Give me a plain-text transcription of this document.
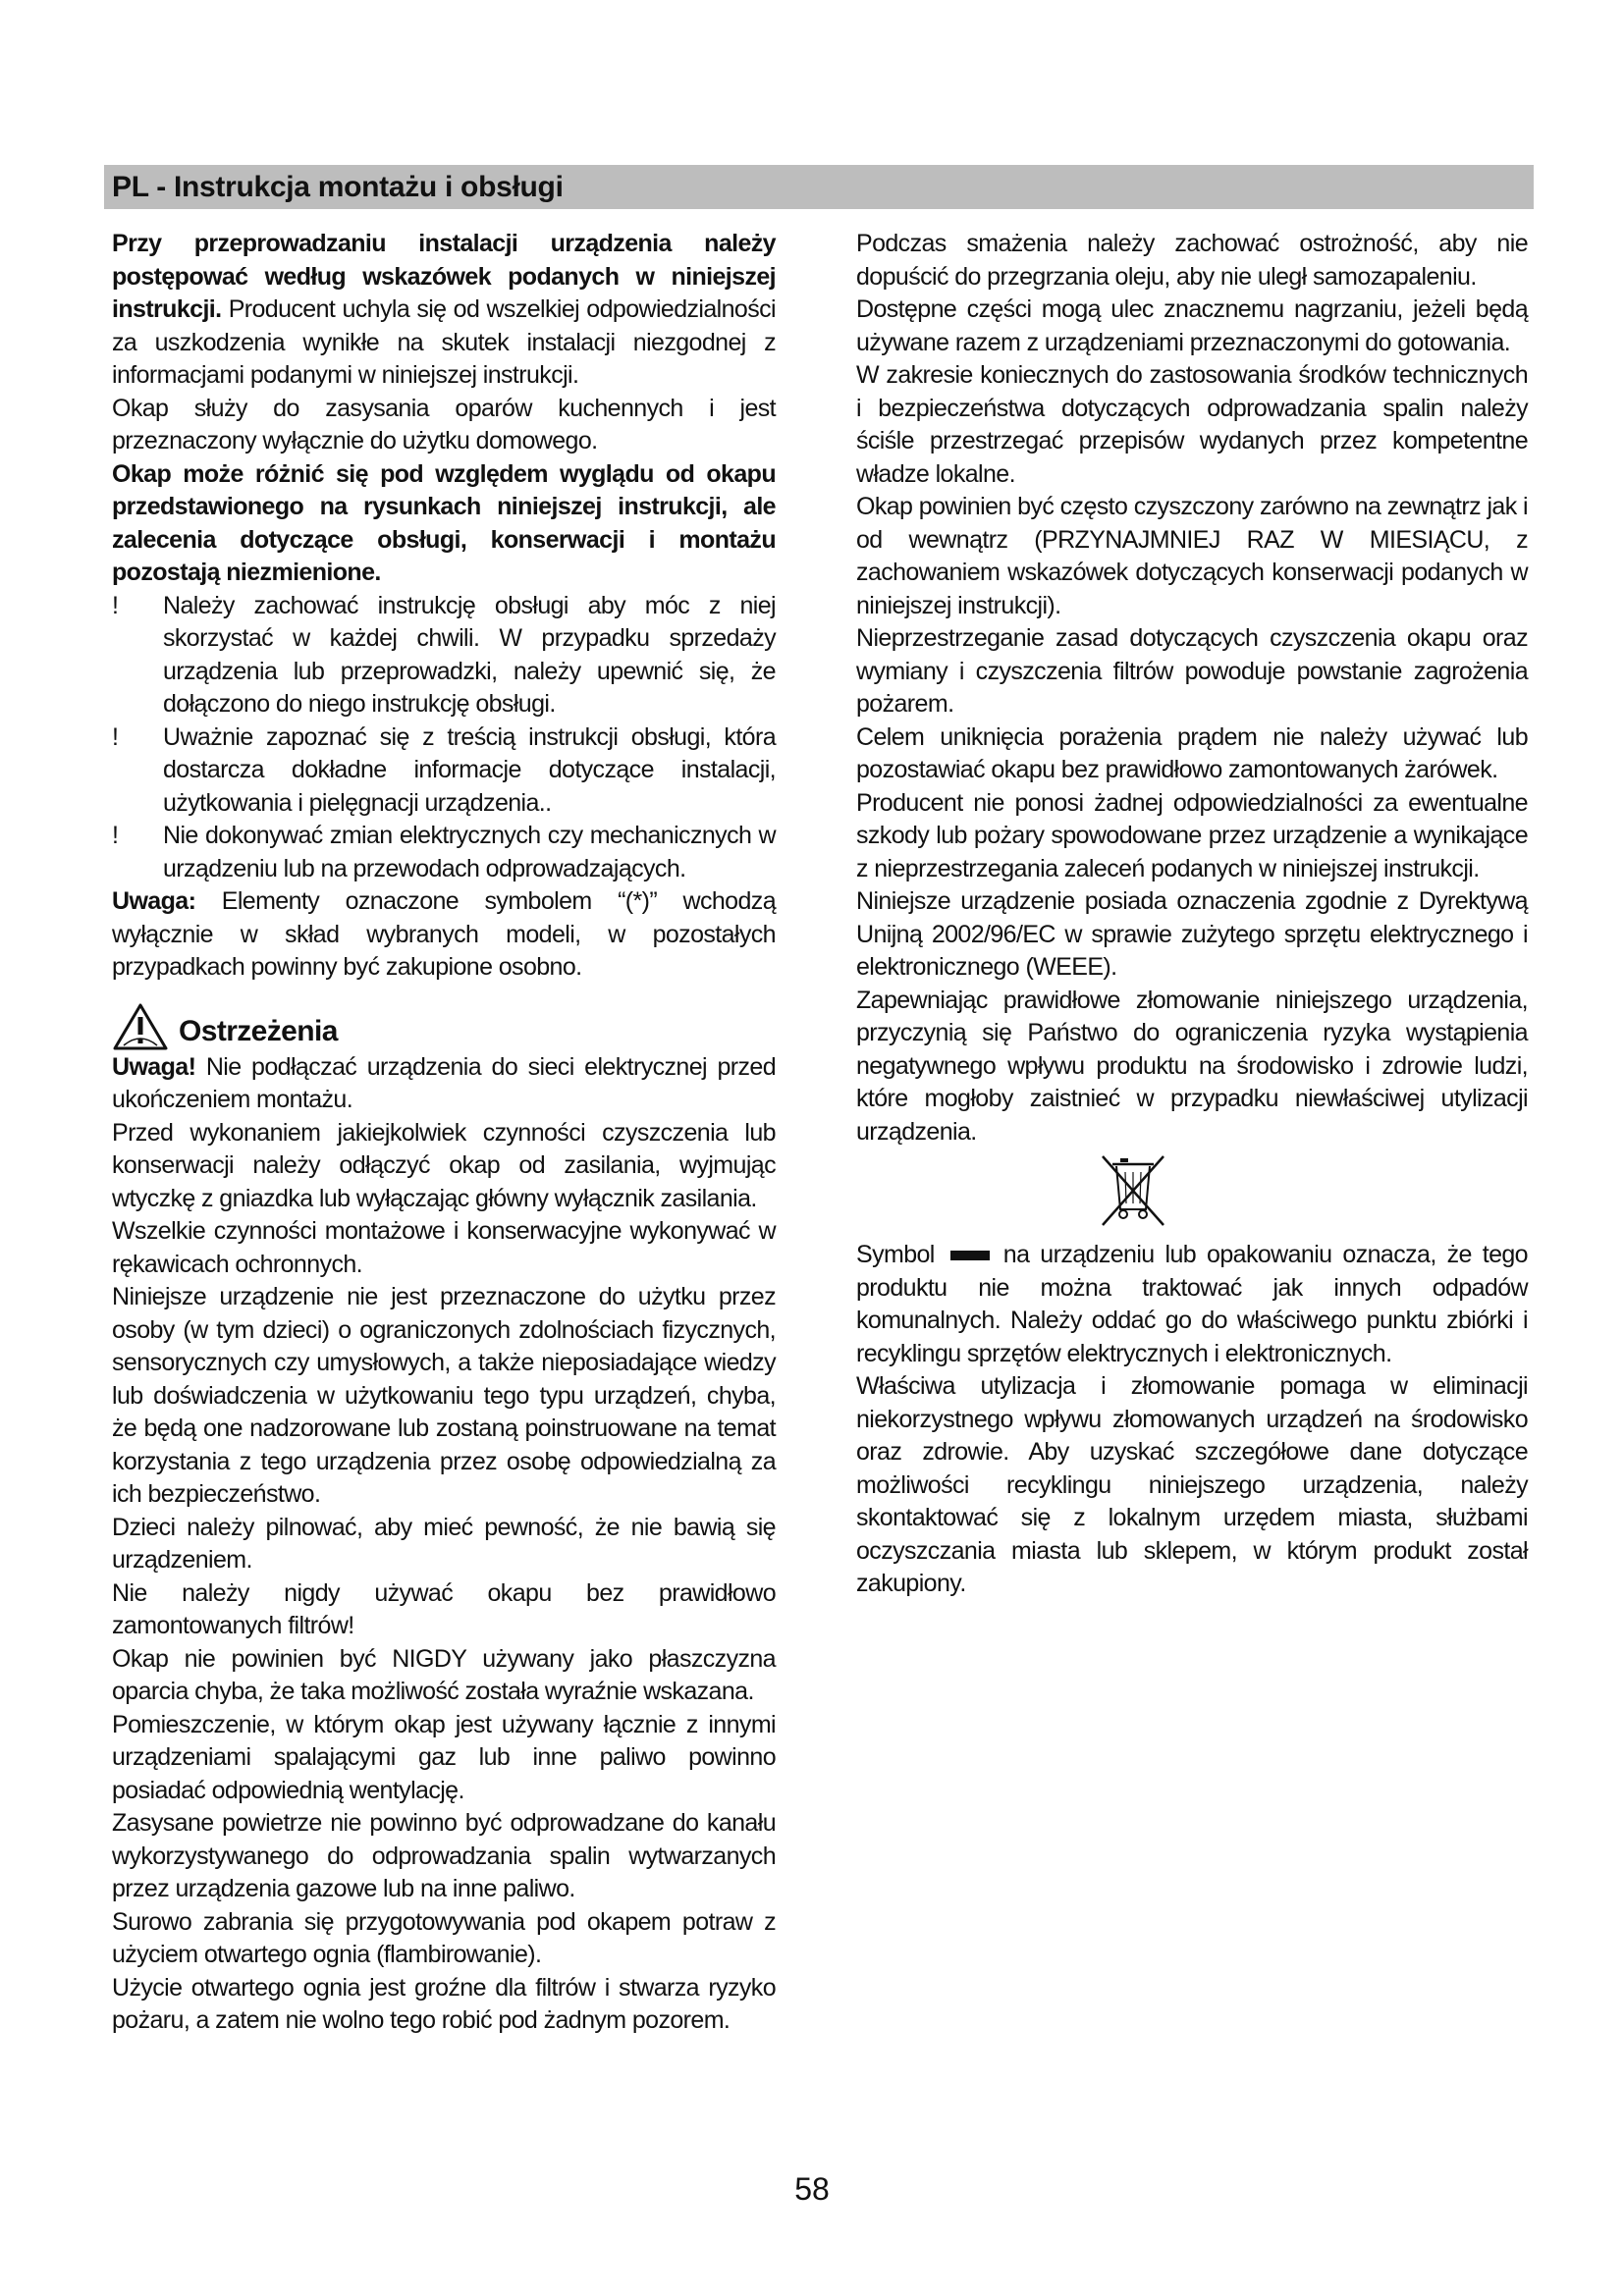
PL - Instrukcja montażu i obsługi

Przy przeprowadzaniu instalacji urządzenia należy postępować według wskazówek podanych w niniejszej instrukcji. Producent uchyla się od wszelkiej odpowiedzialności za uszkodzenia wynikłe na skutek instalacji niezgodnej z informacjami podanymi w niniejszej instrukcji.

Okap służy do zasysania oparów kuchennych i jest przeznaczony wyłącznie do użytku domowego.

Okap może różnić się pod względem wyglądu od okapu przedstawionego na rysunkach niniejszej instrukcji, ale zalecenia dotyczące obsługi, konserwacji i montażu pozostają niezmienione.

! Należy zachować instrukcję obsługi aby móc z niej skorzystać w każdej chwili. W przypadku sprzedaży urządzenia lub przeprowadzki, należy upewnić się, że dołączono do niego instrukcję obsługi.
! Uważnie zapoznać się z treścią instrukcji obsługi, która dostarcza dokładne informacje dotyczące instalacji, użytkowania i pielęgnacji urządzenia..
! Nie dokonywać zmian elektrycznych czy mechanicznych w urządzeniu lub na przewodach odprowadzających.

Uwaga: Elementy oznaczone symbolem “(*)” wchodzą wyłącznie w skład wybranych modeli, w pozostałych przypadkach powinny być zakupione osobno.

Ostrzeżenia

Uwaga! Nie podłączać urządzenia do sieci elektrycznej przed ukończeniem montażu.

Przed wykonaniem jakiejkolwiek czynności czyszczenia lub konserwacji należy odłączyć okap od zasilania, wyjmując wtyczkę z gniazdka lub wyłączając główny wyłącznik zasilania.

Wszelkie czynności montażowe i konserwacyjne wykonywać w rękawicach ochronnych.

Niniejsze urządzenie nie jest przeznaczone do użytku przez osoby (w tym dzieci) o ograniczonych zdolnościach fizycznych, sensorycznych czy umysłowych, a także nieposiadające wiedzy lub doświadczenia w użytkowaniu tego typu urządzeń, chyba, że będą one nadzorowane lub zostaną poinstruowane na temat korzystania z tego urządzenia przez osobę odpowiedzialną za ich bezpieczeństwo.

Dzieci należy pilnować, aby mieć pewność, że nie bawią się urządzeniem.

Nie należy nigdy używać okapu bez prawidłowo zamontowanych filtrów!

Okap nie powinien być NIGDY używany jako płaszczyzna oparcia chyba, że taka możliwość została wyraźnie wskazana.

Pomieszczenie, w którym okap jest używany łącznie z innymi urządzeniami spalającymi gaz lub inne paliwo powinno posiadać odpowiednią wentylację.

Zasysane powietrze nie powinno być odprowadzane do kanału wykorzystywanego do odprowadzania spalin wytwarzanych przez urządzenia gazowe lub na inne paliwo.

Surowo zabrania się przygotowywania pod okapem potraw z użyciem otwartego ognia (flambirowanie).

Użycie otwartego ognia jest groźne dla filtrów i stwarza ryzyko pożaru, a zatem nie wolno tego robić pod żadnym pozorem.

Podczas smażenia należy zachować ostrożność, aby nie dopuścić do przegrzania oleju, aby nie uległ samozapaleniu.

Dostępne części mogą ulec znacznemu nagrzaniu, jeżeli będą używane razem z urządzeniami przeznaczonymi do gotowania.

W zakresie koniecznych do zastosowania środków technicznych i bezpieczeństwa dotyczących odprowadzania spalin należy ściśle przestrzegać przepisów wydanych przez kompetentne władze lokalne.

Okap powinien być często czyszczony zarówno na zewnątrz jak i od wewnątrz (PRZYNAJMNIEJ RAZ W MIESIĄCU, z zachowaniem wskazówek dotyczących konserwacji podanych w niniejszej instrukcji).

Nieprzestrzeganie zasad dotyczących czyszczenia okapu oraz wymiany i czyszczenia filtrów powoduje powstanie zagrożenia pożarem.

Celem uniknięcia porażenia prądem nie należy używać lub pozostawiać okapu bez prawidłowo zamontowanych żarówek.

Producent nie ponosi żadnej odpowiedzialności za ewentualne szkody lub pożary spowodowane przez urządzenie a wynikające z nieprzestrzegania zaleceń podanych w niniejszej instrukcji.

Niniejsze urządzenie posiada oznaczenia zgodnie z Dyrektywą Unijną 2002/96/EC w sprawie zużytego sprzętu elektrycznego i elektronicznego (WEEE).

Zapewniając prawidłowe złomowanie niniejszego urządzenia, przyczynią się Państwo do ograniczenia ryzyka wystąpienia negatywnego wpływu produktu na środowisko i zdrowie ludzi, które mogłoby zaistnieć w przypadku niewłaściwej utylizacji urządzenia.

Symbol	na urządzeniu lub opakowaniu oznacza, że tego produktu nie można traktować jak innych odpadów komunalnych. Należy oddać go do właściwego punktu zbiórki i recyklingu sprzętów elektrycznych i elektronicznych.

Właściwa utylizacja i złomowanie pomaga w eliminacji niekorzystnego wpływu złomowanych urządzeń na środowisko oraz zdrowie. Aby uzyskać szczegółowe dane dotyczące możliwości recyklingu niniejszego urządzenia, należy skontaktować się z lokalnym urzędem miasta, służbami oczyszczania miasta lub sklepem, w którym produkt został zakupiony.

58
